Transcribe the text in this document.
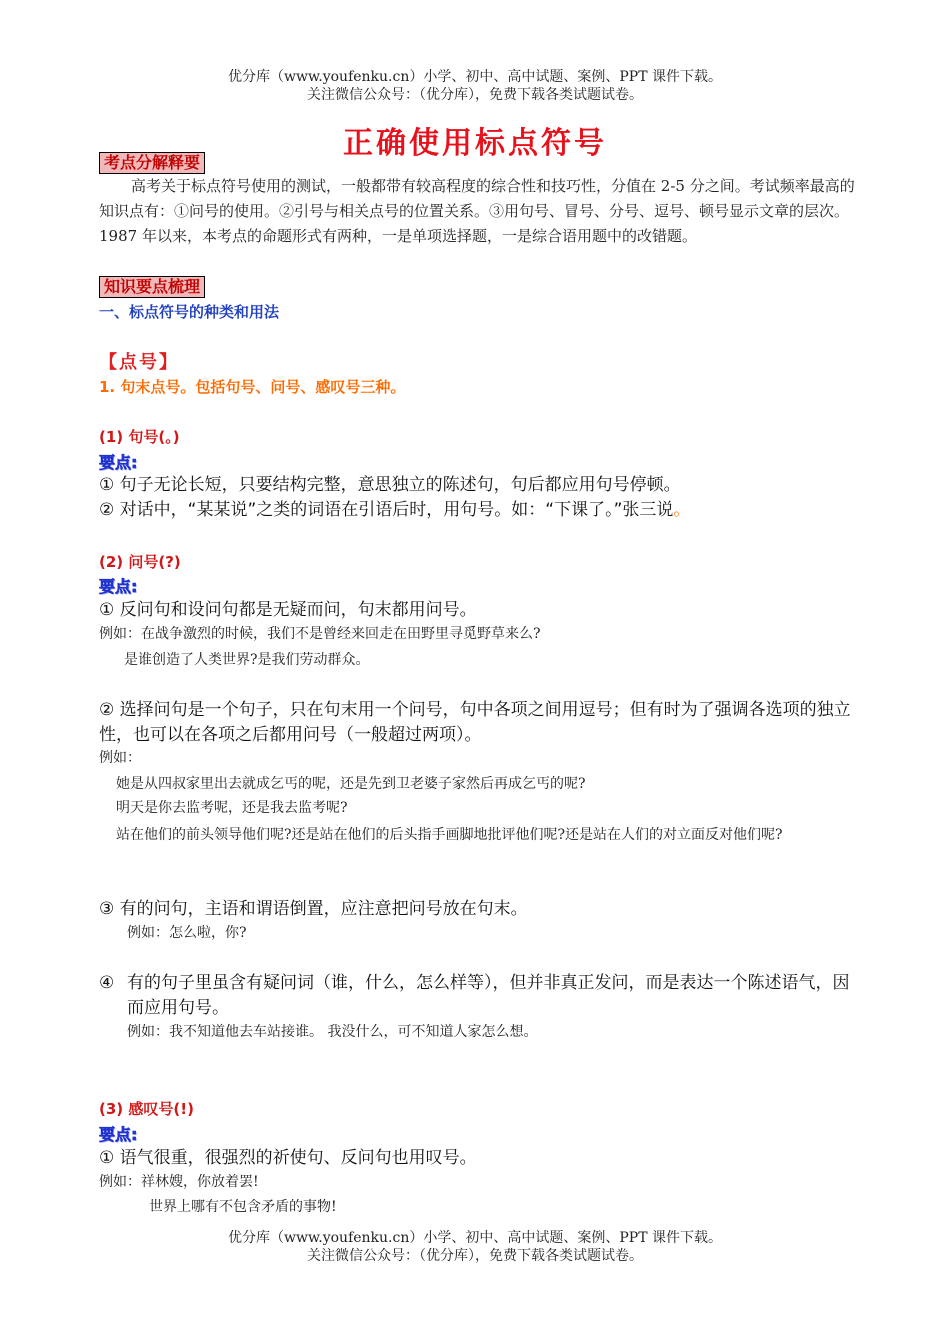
优分库（www.youfenku.cn）小学、初中、高中试题、案例、PPT 课件下载。
关注微信公众号：（优分库），免费下载各类试题试卷。
正确使用标点符号
考点分解释要
高考关于标点符号使用的测试，一般都带有较高程度的综合性和技巧性，分值在 2-5 分之间。考试频率最高的知识点有：①问号的使用。②引号与相关点号的位置关系。③用句号、冒号、分号、逗号、顿号显示文章的层次。1987 年以来，本考点的命题形式有两种，一是单项选择题，一是综合语用题中的改错题。
知识要点梳理
一、标点符号的种类和用法
【点号】
1. 句末点号。包括句号、问号、感叹号三种。
(1) 句号(。)
要点:
① 句子无论长短，只要结构完整，意思独立的陈述句，句后都应用句号停顿。
② 对话中，“某某说”之类的词语在引语后时，用句号。如：“下课了。”张三说。
(2) 问号(?)
要点:
① 反问句和设问句都是无疑而问，句末都用问号。
例如：在战争激烈的时候，我们不是曾经来回走在田野里寻觅野草来么?
是谁创造了人类世界?是我们劳动群众。
② 选择问句是一个句子，只在句末用一个问号，句中各项之间用逗号；但有时为了强调各选项的独立性，也可以在各项之后都用问号（一般超过两项）。
例如：
她是从四叔家里出去就成乞丐的呢，还是先到卫老婆子家然后再成乞丐的呢?
明天是你去监考呢，还是我去监考呢?
站在他们的前头领导他们呢?还是站在他们的后头指手画脚地批评他们呢?还是站在人们的对立面反对他们呢?
③ 有的问句，主语和谓语倒置，应注意把问号放在句末。
例如：怎么啦，你?
④ 有的句子里虽含有疑问词（谁，什么，怎么样等），但并非真正发问，而是表达一个陈述语气，因而应用句号。
例如：我不知道他去车站接谁。 我没什么，可不知道人家怎么想。
(3) 感叹号(!)
要点:
① 语气很重，很强烈的祈使句、反问句也用叹号。
例如：祥林嫂，你放着罢!
世界上哪有不包含矛盾的事物!
优分库（www.youfenku.cn）小学、初中、高中试题、案例、PPT 课件下载。
关注微信公众号：（优分库），免费下载各类试题试卷。
